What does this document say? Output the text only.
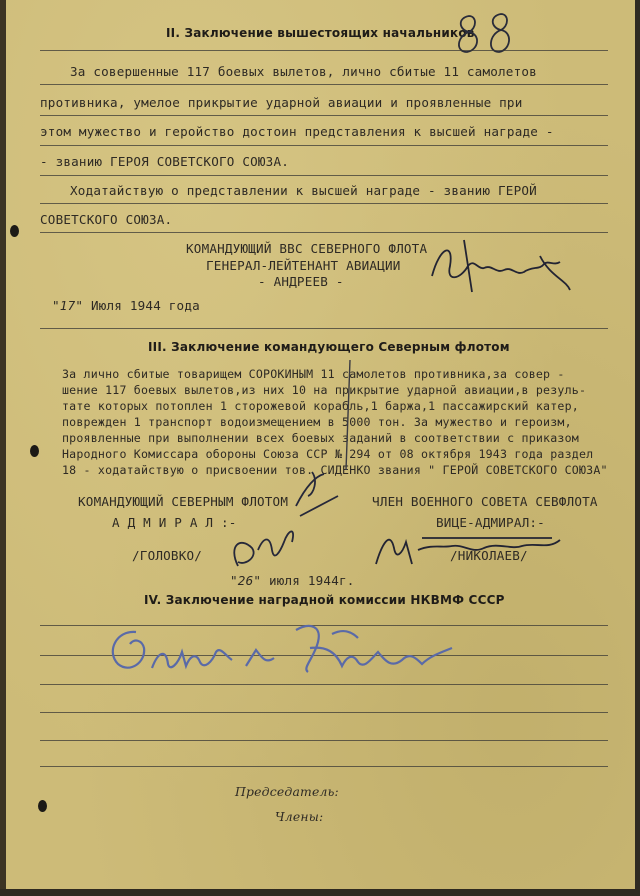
II. Заключение вышестоящих начальников
За совершенные 117 боевых вылетов, лично сбитые 11 самолетов
противника, умелое прикрытие ударной авиации и проявленные при
этом мужество и геройство достоин представления к высшей награде -
- званию ГЕРОЯ СОВЕТСКОГО СОЮЗА.
Ходатайствую о представлении к высшей награде - званию ГЕРОЙ
СОВЕТСКОГО СОЮЗА.
КОМАНДУЮЩИЙ ВВС СЕВЕРНОГО ФЛОТА
ГЕНЕРАЛ-ЛЕЙТЕНАНТ АВИАЦИИ
- АНДРЕЕВ -
"17" Июля 1944 года
III. Заключение командующего Северным флотом
За лично сбитые товарищем СОРОКИНЫМ 11 самолетов противника,за совер -
шение 117 боевых вылетов,из них 10 на прикрытие ударной авиации,в резуль-
тате которых потоплен 1 сторожевой корабль,1 баржа,1 пассажирский катер,
поврежден 1 транспорт водоизмещением в 5000 тон. За мужество и героизм,
проявленные при выполнении всех боевых заданий в соответствии с приказом
Народного Комиссара обороны Союза ССР № 294 от 08 октября 1943 года раздел
18 - ходатайствую о присвоении тов. СИДЕНКО звания " ГЕРОЙ СОВЕТСКОГО СОЮЗА"
КОМАНДУЮЩИЙ СЕВЕРНЫМ ФЛОТОМ
А Д М И Р А Л :-
/ГОЛОВКО/
ЧЛЕН ВОЕННОГО СОВЕТА СЕВФЛОТА
ВИЦЕ-АДМИРАЛ:-
/НИКОЛАЕВ/
"26" июля 1944г.
IV. Заключение наградной комиссии НКВМФ СССР
Председатель:
Члены:
